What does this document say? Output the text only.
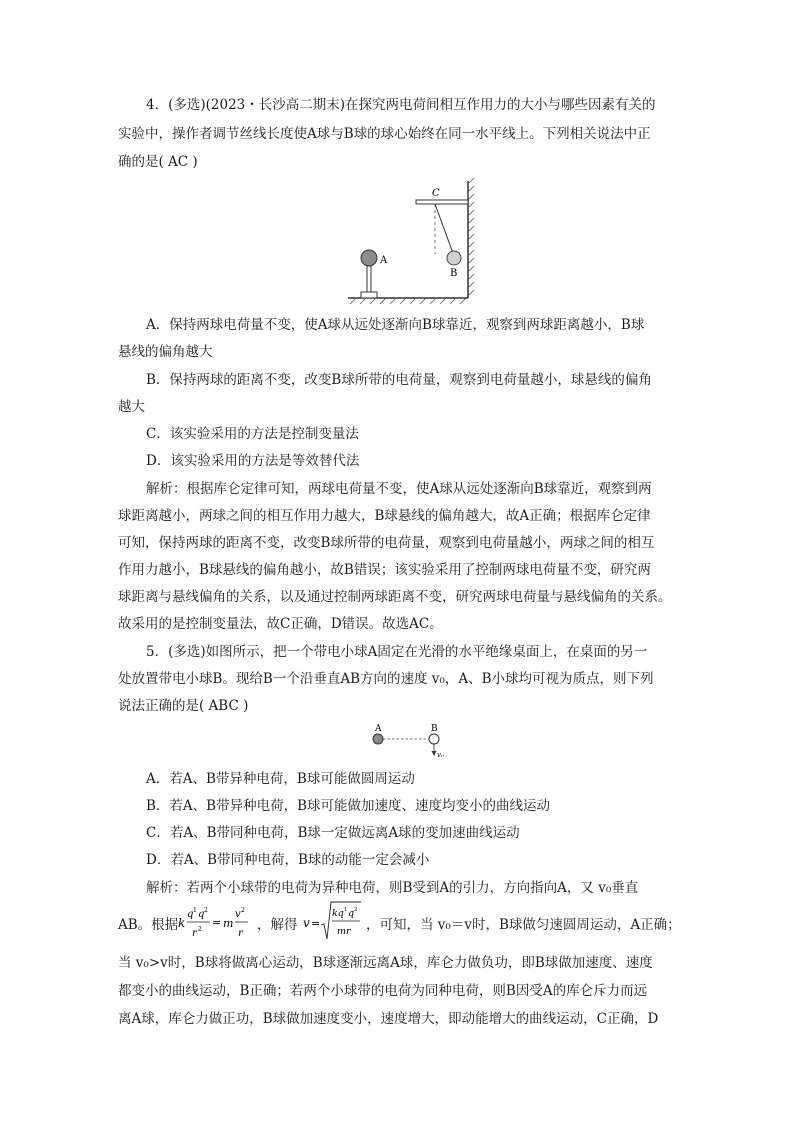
4．(多选)(2023・长沙高二期末)在探究两电荷间相互作用力的大小与哪些因素有关的
实验中，操作者调节丝线长度使A球与B球的球心始终在同一水平线上。下列相关说法中正
确的是( AC )
C
B
A
A．保持两球电荷量不变，使A球从远处逐渐向B球靠近，观察到两球距离越小，B球
悬线的偏角越大
B．保持两球的距离不变，改变B球所带的电荷量，观察到电荷量越小，球悬线的偏角
越大
C．该实验采用的方法是控制变量法
D．该实验采用的方法是等效替代法
解析：根据库仑定律可知，两球电荷量不变，使A球从远处逐渐向B球靠近，观察到两
球距离越小，两球之间的相互作用力越大，B球悬线的偏角越大，故A正确；根据库仑定律
可知，保持两球的距离不变，改变B球所带的电荷量，观察到电荷量越小，两球之间的相互
作用力越小，B球悬线的偏角越小，故B错误；该实验采用了控制两球电荷量不变，研究两
球距离与悬线偏角的关系，以及通过控制两球距离不变，研究两球电荷量与悬线偏角的关系。
故采用的是控制变量法，故C正确，D错误。故选AC。
5．(多选)如图所示，把一个带电小球A固定在光滑的水平绝缘桌面上，在桌面的另一
处放置带电小球B。现给B一个沿垂直AB方向的速度 v₀，A、B小球均可视为质点，则下列
说法正确的是( ABC )
A	B
v₀
A．若A、B带异种电荷，B球可能做圆周运动
B．若A、B带异种电荷，B球可能做加速度、速度均变小的曲线运动
C．若A、B带同种电荷，B球一定做远离A球的变加速曲线运动
D．若A、B带同种电荷，B球的动能一定会减小
解析：若两个小球带的电荷为异种电荷，则B受到A的引力，方向指向A，又 v₀垂直
AB。根据 k
q 1 q 2
r 2
= m
v 2
r
，解得 v =
kq 1 q 2
mr ，可知，当 v₀＝v时，B球做匀速圆周运动，A正确；
当 v₀>v时，B球将做离心运动，B球逐渐远离A球，库仑力做负功，即B球做加速度、速度
都变小的曲线运动，B正确；若两个小球带的电荷为同种电荷，则B因受A的库仑斥力而远
离A球，库仑力做正功，B球做加速度变小，速度增大，即动能增大的曲线运动，C正确，D
